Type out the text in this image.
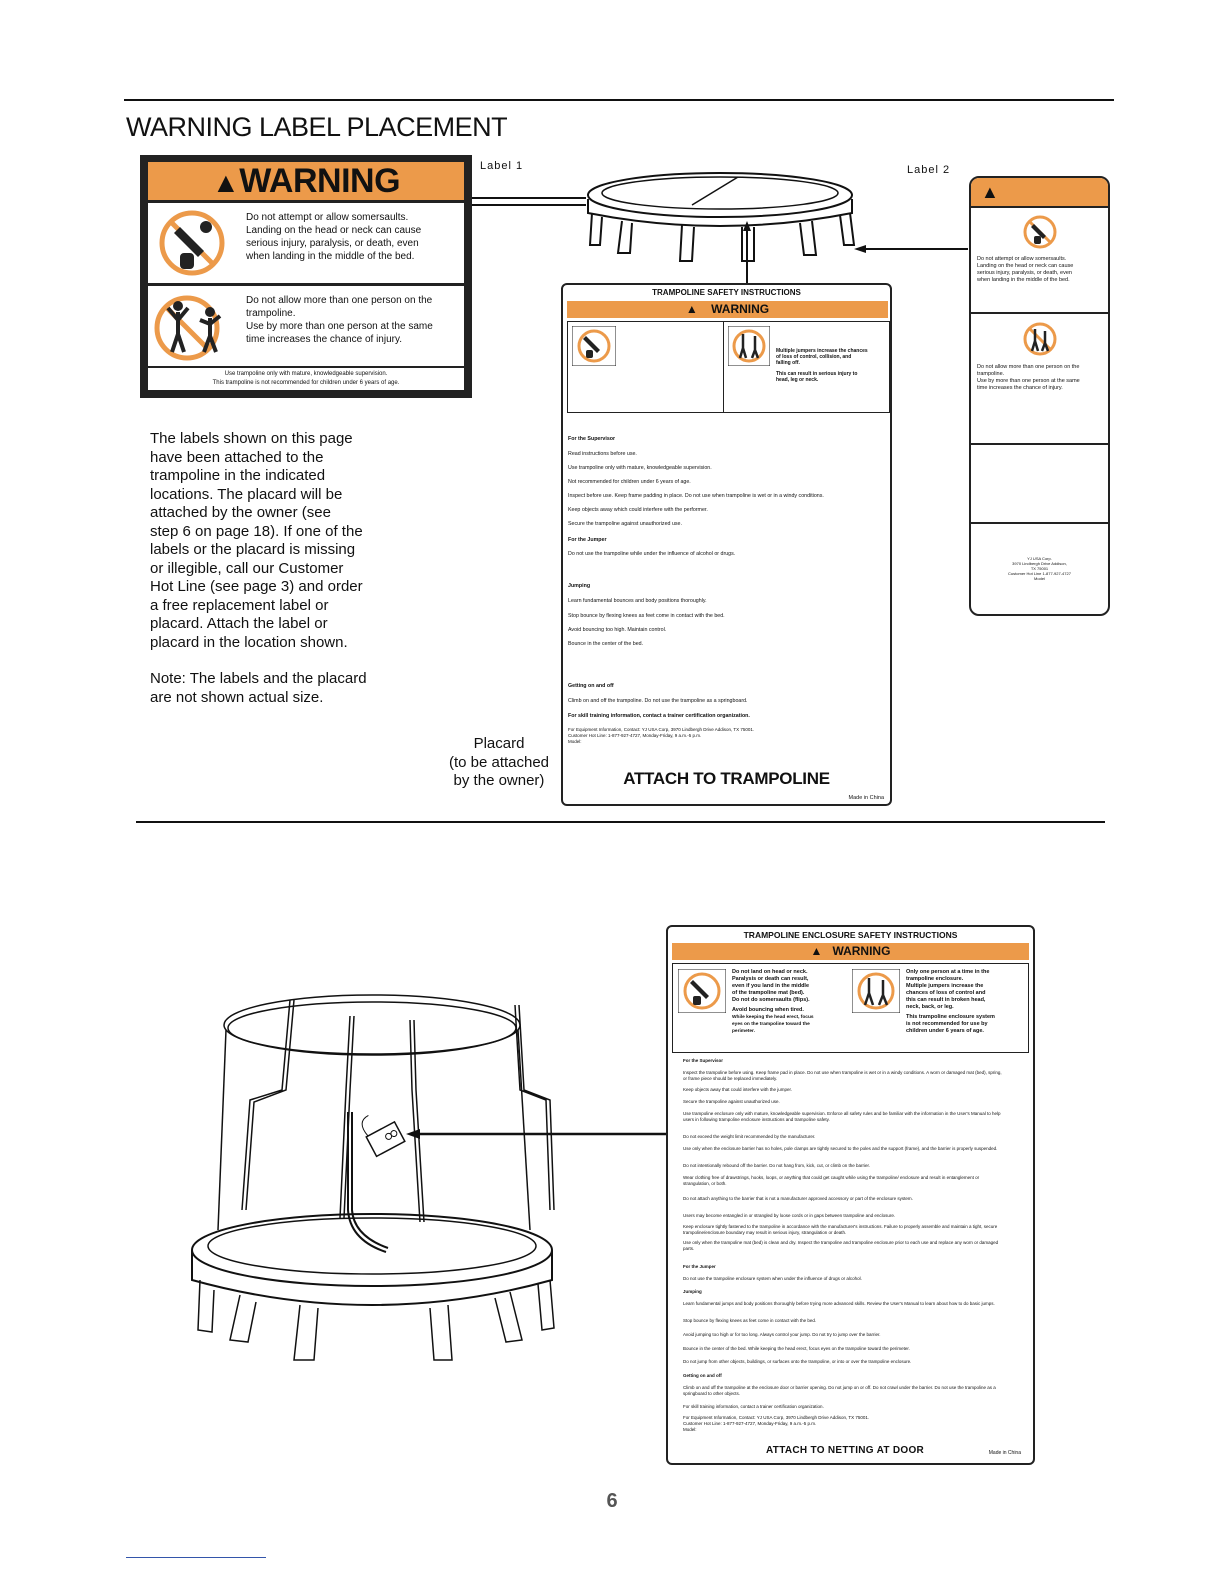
WARNING LABEL PLACEMENT
▲WARNING
Do not attempt or allow somersaults.
Landing on the head or neck can cause
serious injury, paralysis, or death, even
when landing in the middle of the bed.
Do not allow more than one person on the
trampoline.
Use by more than one person at the same
time increases the chance of injury.
Use trampoline only with mature, knowledgeable supervision.
This trampoline is not recommended for children under 6 years of age.
Label 1	Label 2
▲
Do not attempt or allow somersaults.
Landing on the head or neck can cause
serious injury, paralysis, or death, even
when landing in the middle of the bed.
Do not allow more than one person on the
trampoline.
Use by more than one person at the same
time increases the chance of injury.
YJ USA Corp.
3970 Lindbergh Drive Addison,
TX 75001
Customer Hot Line 1-877-927-4727
Model
The labels shown on this page
have been attached to the
trampoline in the indicated
locations. The placard will be
attached by the owner (see
step 6 on page 18). If one of the
labels or the placard is missing
or illegible, call our Customer
Hot Line (see page 3) and order
a free replacement label or
placard. Attach the label or
placard in the location shown.
Note: The labels and the placard
are not shown actual size.
Placard
(to be attached
by the owner)
TRAMPOLINE SAFETY INSTRUCTIONS
▲    WARNING
Multiple jumpers increase the chances
of loss of control, collision, and
falling off.
This can result in serious injury to
head, leg or neck.
For the Supervisor
Read instructions before use.
Use trampoline only with mature, knowledgeable supervision.
Not recommended for children under 6 years of age.
Inspect before use. Keep frame padding in place. Do not use when trampoline is wet or in a windy conditions.
Keep objects away which could interfere with the performer.
Secure the trampoline against unauthorized use.
For the Jumper
Do not use the trampoline while under the influence of alcohol or drugs.
Jumping
Learn fundamental bounces and body positions thoroughly.
Stop bounce by flexing knees as feet come in contact with the bed.
Avoid bouncing too high. Maintain control.
Bounce in the center of the bed.
Getting on and off
Climb on and off the trampoline. Do not use the trampoline as a springboard.
For skill training information, contact a trainer certification organization.
For Equipment Information, Contact: YJ USA Corp, 3970 Lindbergh Drive Addison, TX 75001.
Customer Hot Line: 1-877-927-4727, Monday-Friday, 9 a.m.-5 p.m.
Model:
ATTACH TO TRAMPOLINE
Made in China
TRAMPOLINE ENCLOSURE SAFETY INSTRUCTIONS
▲   WARNING
Do not land on head or neck.
Paralysis or death can result,
even if you land in the middle
of the trampoline mat (bed).
Do not do somersaults (flips).
Avoid bouncing when tired.
While keeping the head erect, focus
eyes on the trampoline toward the
perimeter.
Only one person at a time in the
trampoline enclosure.
Multiple jumpers increase the
chances of loss of control and
this can result in broken head,
neck, back, or leg.
This trampoline enclosure system
is not recommended for use by
children under 6 years of age.
For the Supervisor
Inspect the trampoline before using. Keep frame pad in place. Do not use when trampoline is wet or in a windy conditions. A worn or damaged mat (bed), spring, or frame piece should be replaced immediately.
Keep objects away that could interfere with the jumper.
Secure the trampoline against unauthorized use.
Use trampoline enclosure only with mature, knowledgeable supervision. Enforce all safety rules and be familiar with the information in the User's Manual to help users in following trampoline enclosure instructions and trampoline safety.
Do not exceed the weight limit recommended by the manufacturer.
Use only when the enclosure barrier has no holes, pole clamps are tightly secured to the poles and the support (frame), and the barrier is properly suspended.
Do not intentionally rebound off the barrier. Do not hang from, kick, cut, or climb on the barrier.
Wear clothing free of drawstrings, hooks, loops, or anything that could get caught while using the trampoline/ enclosure and result in entanglement or strangulation, or both.
Do not attach anything to the barrier that is not a manufacturer approved accessory or part of the enclosure system.
Users may become entangled in or strangled by loose cords or in gaps between trampoline and enclosure.
Keep enclosure tightly fastened to the trampoline in accordance with the manufacturer's instructions. Failure to properly assemble and maintain a tight, secure trampoline/enclosure boundary may result in serious injury, strangulation or death.
Use only when the trampoline mat (bed) is clean and dry. Inspect the trampoline and trampoline enclosure prior to each use and replace any worn or damaged parts.
For the Jumper
Do not use the trampoline enclosure system when under the influence of drugs or alcohol.
Jumping
Learn fundamental jumps and body positions thoroughly before trying more advanced skills. Review the User's Manual to learn about how to do basic jumps.
Stop bounce by flexing knees as feet come in contact with the bed.
Avoid jumping too high or for too long. Always control your jump. Do not try to jump over the barrier.
Bounce in the center of the bed. While keeping the head erect, focus eyes on the trampoline toward the perimeter.
Do not jump from other objects, buildings, or surfaces onto the trampoline, or into or over the trampoline enclosure.
Getting on and off
Climb on and off the trampoline at the enclosure door or barrier opening. Do not jump on or off. Do not crawl under the barrier. Do not use the trampoline as a springboard to other objects.
For skill training information, contact a trainer certification organization.
For Equipment Information, Contact: YJ USA Corp, 3970 Lindbergh Drive Addison, TX 75001.
Customer Hot Line: 1-877-927-4727, Monday-Friday, 9 a.m.-5 p.m.
Model:
ATTACH TO NETTING AT DOOR	Made in China
6
